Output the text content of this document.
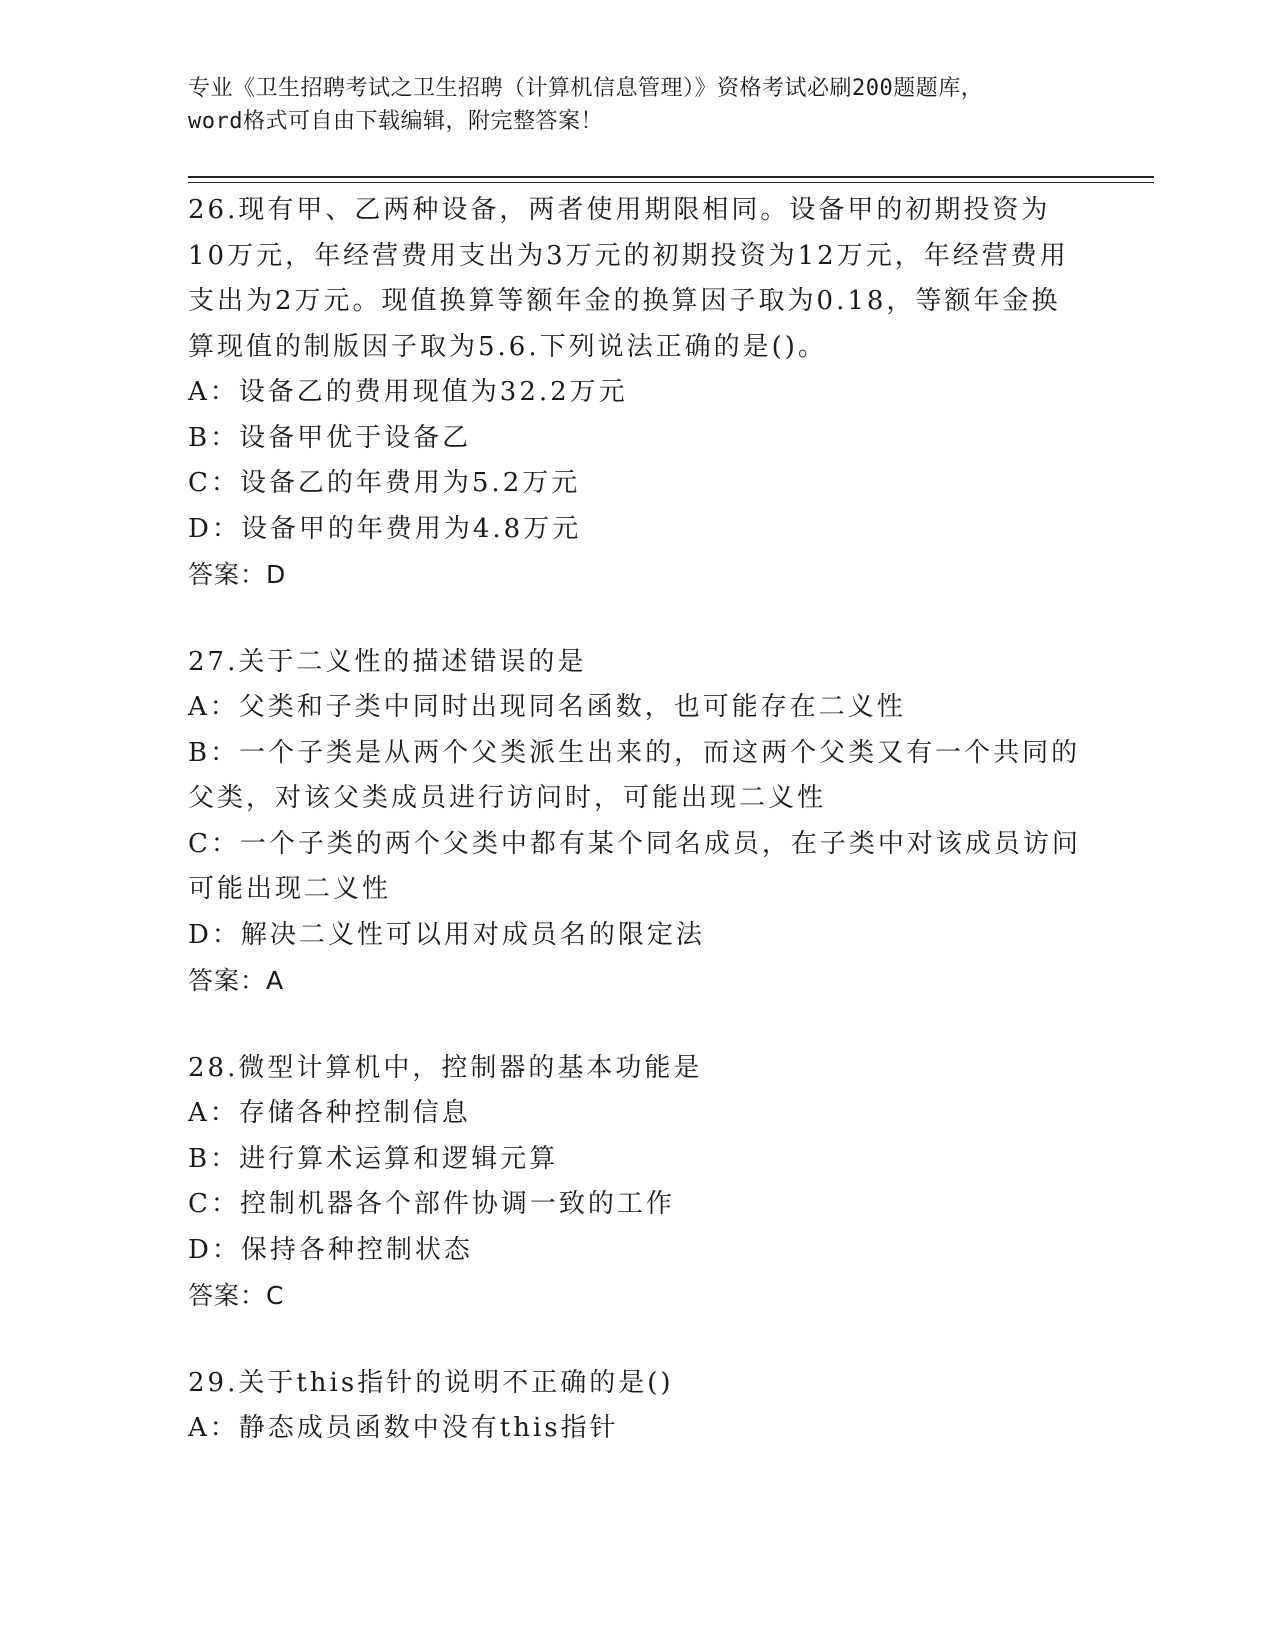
专业《卫生招聘考试之卫生招聘（计算机信息管理）》资格考试必刷200题题库，
word格式可自由下载编辑，附完整答案！

26.现有甲、乙两种设备，两者使用期限相同。设备甲的初期投资为10万元，年经营费用支出为3万元的初期投资为12万元，年经营费用支出为2万元。现值换算等额年金的换算因子取为0.18，等额年金换算现值的制版因子取为5.6.下列说法正确的是()。

A：设备乙的费用现值为32.2万元

B：设备甲优于设备乙

C：设备乙的年费用为5.2万元

D：设备甲的年费用为4.8万元

答案：D

27.关于二义性的描述错误的是

A：父类和子类中同时出现同名函数，也可能存在二义性

B：一个子类是从两个父类派生出来的，而这两个父类又有一个共同的父类，对该父类成员进行访问时，可能出现二义性

C：一个子类的两个父类中都有某个同名成员，在子类中对该成员访问可能出现二义性

D：解决二义性可以用对成员名的限定法

答案：A

28.微型计算机中，控制器的基本功能是

A：存储各种控制信息

B：进行算术运算和逻辑元算

C：控制机器各个部件协调一致的工作

D：保持各种控制状态

答案：C

29.关于this指针的说明不正确的是()

A：静态成员函数中没有this指针
